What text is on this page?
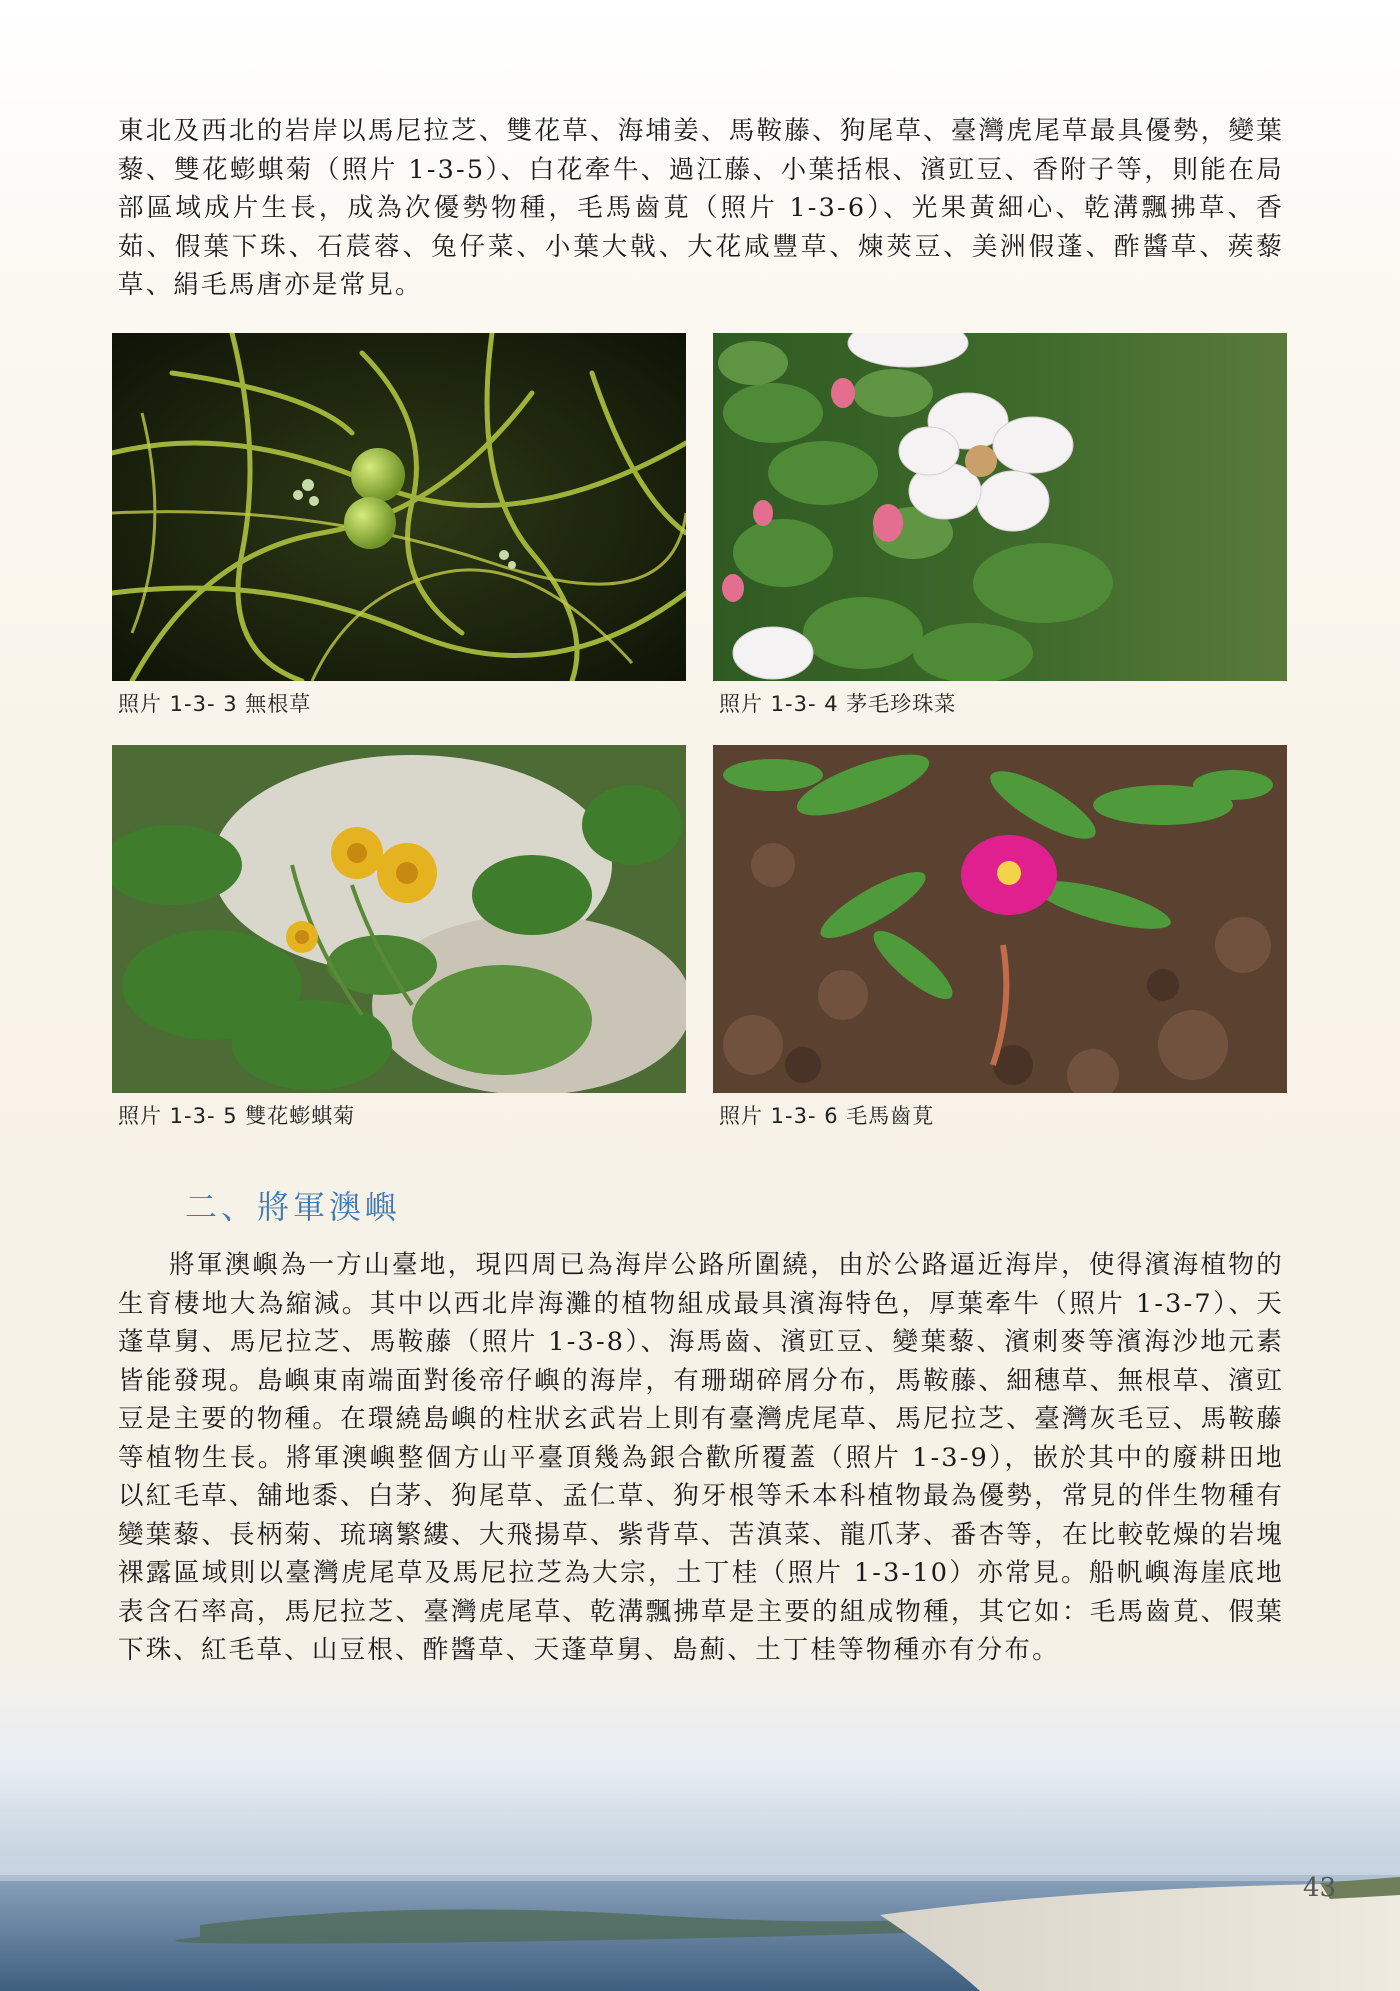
東北及西北的岩岸以馬尼拉芝、雙花草、海埔姜、馬鞍藤、狗尾草、臺灣虎尾草最具優勢，變葉藜、雙花蟛蜞菊（照片 1-3-5）、白花牽牛、過江藤、小葉括根、濱豇豆、香附子等，則能在局部區域成片生長，成為次優勢物種，毛馬齒莧（照片 1-3-6）、光果黃細心、乾溝飄拂草、香茹、假葉下珠、石莀蓉、兔仔菜、小葉大戟、大花咸豐草、煉莢豆、美洲假蓬、酢醬草、蒺藜草、絹毛馬唐亦是常見。

照片 1-3- 3 無根草	照片 1-3- 4 茅毛珍珠菜
照片 1-3- 5 雙花蟛蜞菊	照片 1-3- 6 毛馬齒莧
二、將軍澳嶼

將軍澳嶼為一方山臺地，現四周已為海岸公路所圍繞，由於公路逼近海岸，使得濱海植物的生育棲地大為縮減。其中以西北岸海灘的植物組成最具濱海特色，厚葉牽牛（照片 1-3-7）、天蓬草舅、馬尼拉芝、馬鞍藤（照片 1-3-8）、海馬齒、濱豇豆、變葉藜、濱刺麥等濱海沙地元素皆能發現。島嶼東南端面對後帝仔嶼的海岸，有珊瑚碎屑分布，馬鞍藤、細穗草、無根草、濱豇豆是主要的物種。在環繞島嶼的柱狀玄武岩上則有臺灣虎尾草、馬尼拉芝、臺灣灰毛豆、馬鞍藤等植物生長。將軍澳嶼整個方山平臺頂幾為銀合歡所覆蓋（照片 1-3-9），嵌於其中的廢耕田地以紅毛草、舖地黍、白茅、狗尾草、孟仁草、狗牙根等禾本科植物最為優勢，常見的伴生物種有變葉藜、長柄菊、琉璃繁縷、大飛揚草、紫背草、苦滇菜、龍爪茅、番杏等，在比較乾燥的岩塊裸露區域則以臺灣虎尾草及馬尼拉芝為大宗，土丁桂（照片 1-3-10）亦常見。船帆嶼海崖底地表含石率高，馬尼拉芝、臺灣虎尾草、乾溝飄拂草是主要的組成物種，其它如：毛馬齒莧、假葉下珠、紅毛草、山豆根、酢醬草、天蓬草舅、島薊、土丁桂等物種亦有分布。

43
